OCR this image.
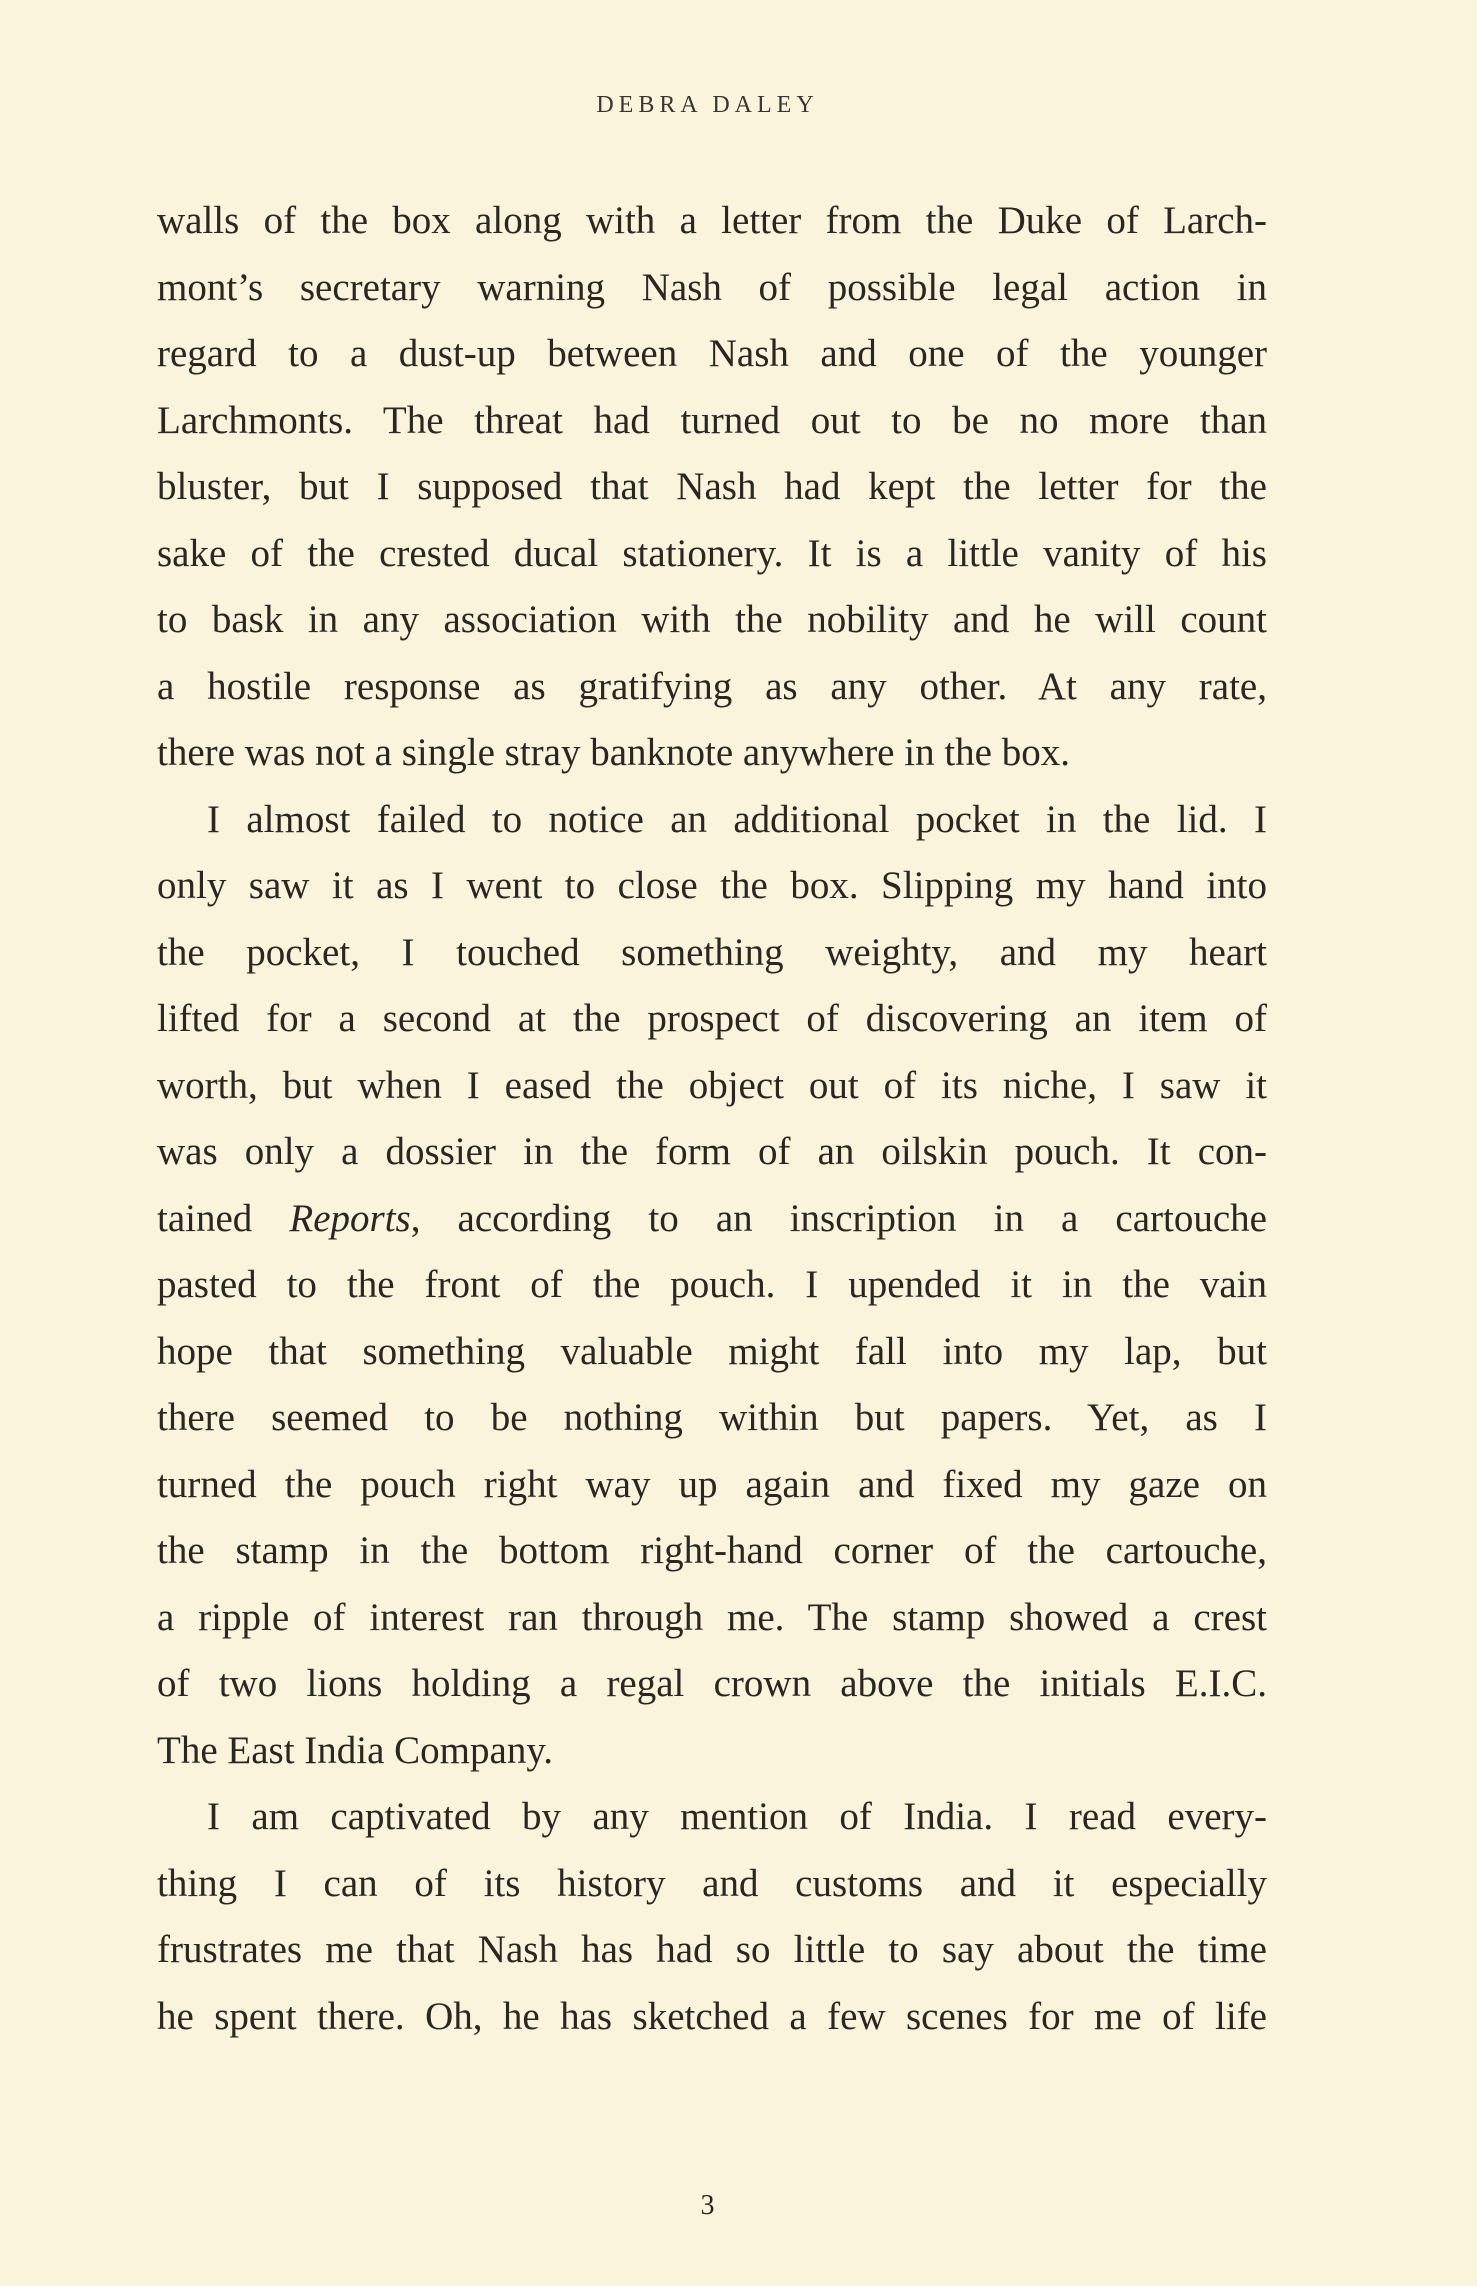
DEBRA DALEY
walls of the box along with a letter from the Duke of Larch-
mont’s secretary warning Nash of possible legal action in
regard to a dust-up between Nash and one of the younger
Larchmonts. The threat had turned out to be no more than
bluster, but I supposed that Nash had kept the letter for the
sake of the crested ducal stationery. It is a little vanity of his
to bask in any association with the nobility and he will count
a hostile response as gratifying as any other. At any rate,
there was not a single stray banknote anywhere in the box.
I almost failed to notice an additional pocket in the lid. I
only saw it as I went to close the box. Slipping my hand into
the pocket, I touched something weighty, and my heart
lifted for a second at the prospect of discovering an item of
worth, but when I eased the object out of its niche, I saw it
was only a dossier in the form of an oilskin pouch. It con-
tained Reports, according to an inscription in a cartouche
pasted to the front of the pouch. I upended it in the vain
hope that something valuable might fall into my lap, but
there seemed to be nothing within but papers. Yet, as I
turned the pouch right way up again and fixed my gaze on
the stamp in the bottom right-hand corner of the cartouche,
a ripple of interest ran through me. The stamp showed a crest
of two lions holding a regal crown above the initials E.I.C.
The East India Company.
I am captivated by any mention of India. I read every-
thing I can of its history and customs and it especially
frustrates me that Nash has had so little to say about the time
he spent there. Oh, he has sketched a few scenes for me of life
3
